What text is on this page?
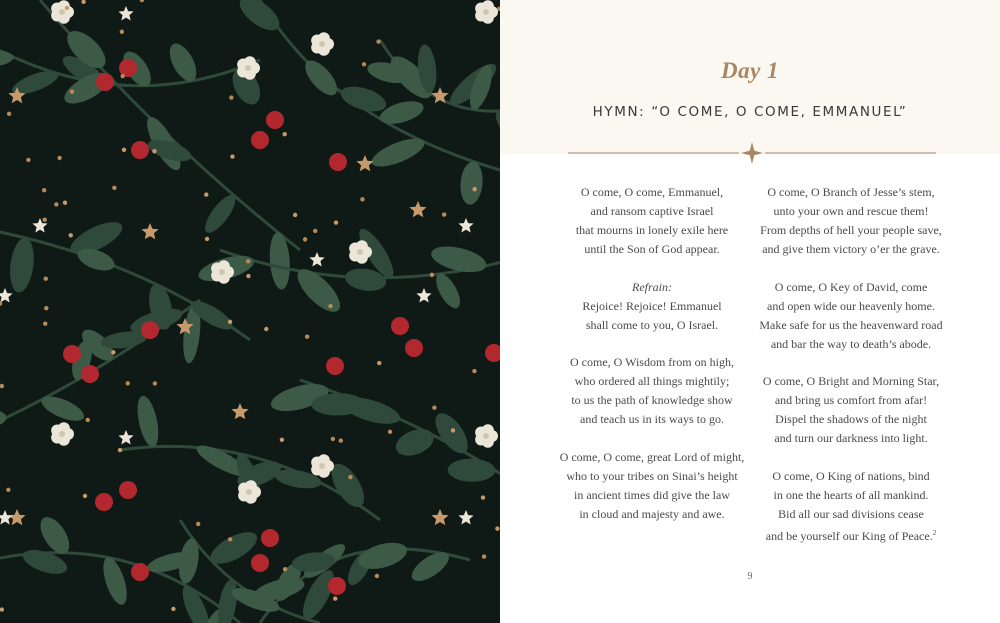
Day 1
HYMN: “O COME, O COME, EMMANUEL”
O come, O come, Emmanuel,
and ransom captive Israel
that mourns in lonely exile here
until the Son of God appear.
Refrain:
Rejoice! Rejoice! Emmanuel
shall come to you, O Israel.
O come, O Wisdom from on high,
who ordered all things mightily;
to us the path of knowledge show
and teach us in its ways to go.
O come, O come, great Lord of might,
who to your tribes on Sinai’s height
in ancient times did give the law
in cloud and majesty and awe.
O come, O Branch of Jesse’s stem,
unto your own and rescue them!
From depths of hell your people save,
and give them victory o’er the grave.
O come, O Key of David, come
and open wide our heavenly home.
Make safe for us the heavenward road
and bar the way to death’s abode.
O come, O Bright and Morning Star,
and bring us comfort from afar!
Dispel the shadows of the night
and turn our darkness into light.
O come, O King of nations, bind
in one the hearts of all mankind.
Bid all our sad divisions cease
and be yourself our King of Peace.$^2$
9
